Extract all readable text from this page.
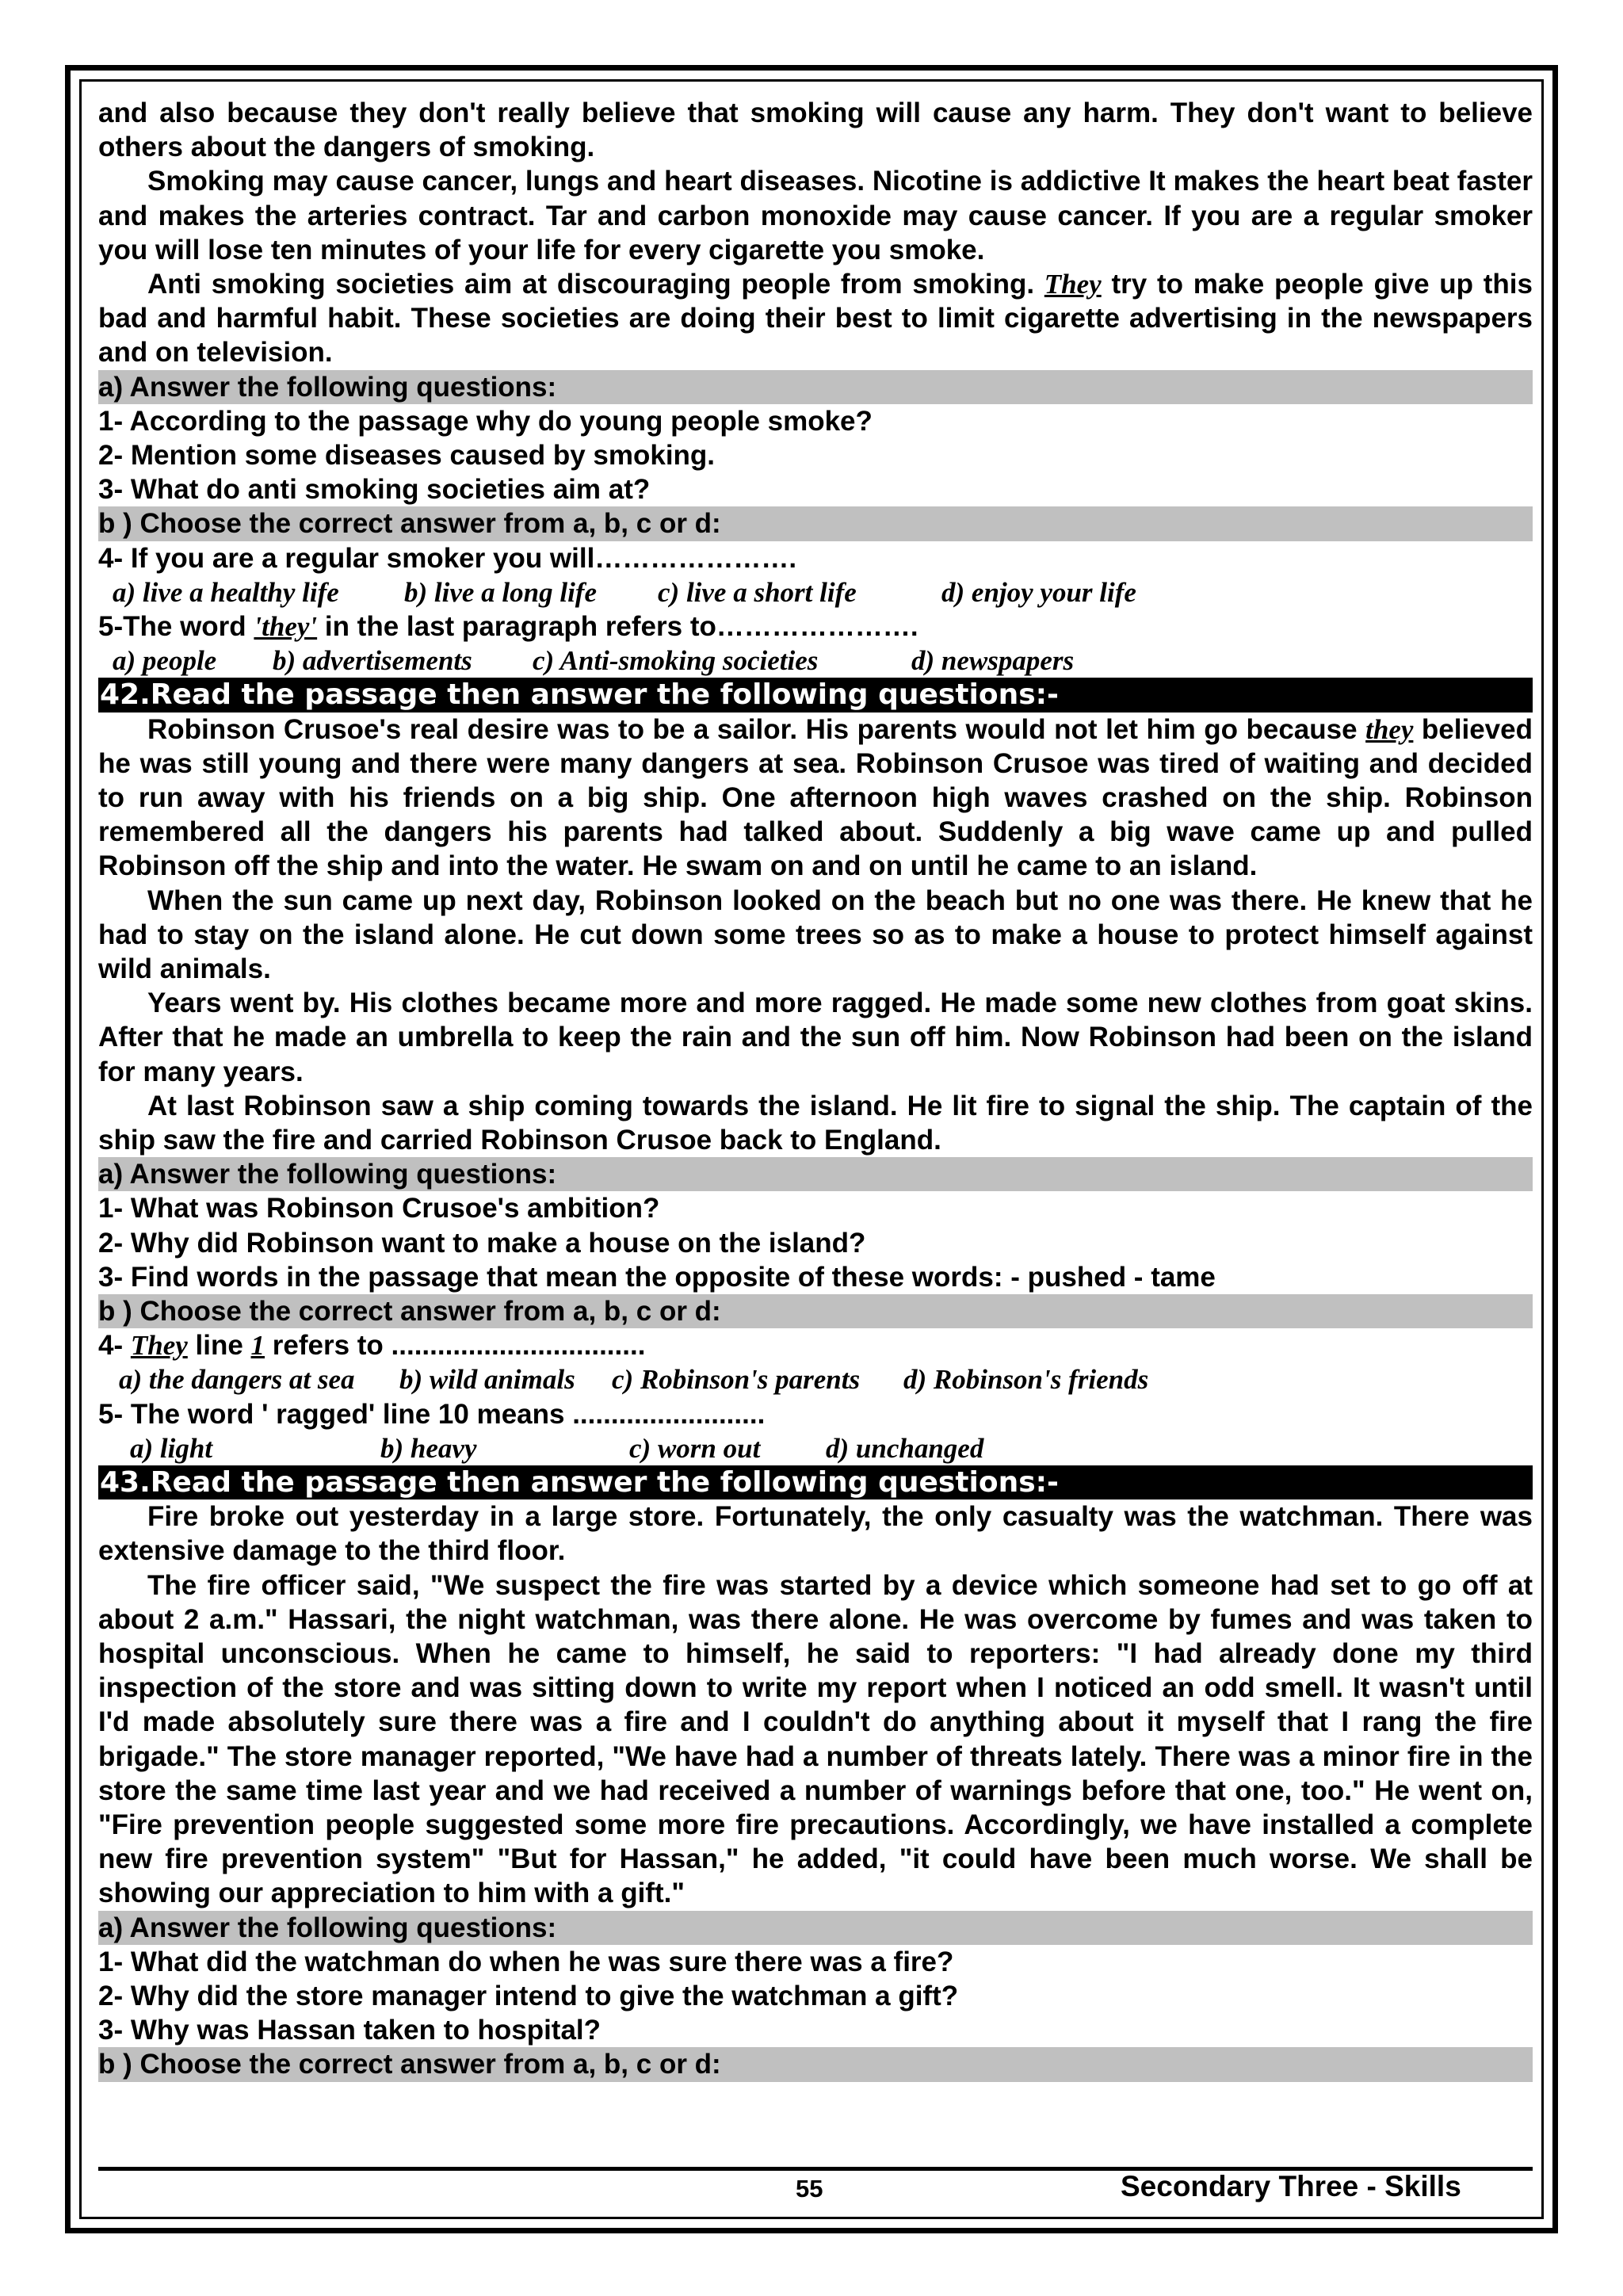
and also because they don't really believe that smoking will cause any harm. They don't want to believe others about the dangers of smoking.

Smoking may cause cancer, lungs and heart diseases. Nicotine is addictive It makes the heart beat faster and makes the arteries contract. Tar and carbon monoxide may cause cancer. If you are a regular smoker you will lose ten minutes of your life for every cigarette you smoke.

Anti smoking societies aim at discouraging people from smoking. They try to make people give up this bad and harmful habit. These societies are doing their best to limit cigarette advertising in the newspapers and on television.

a) Answer the following questions:

1- According to the passage why do young people smoke?

2- Mention some diseases caused by smoking.

3- What do anti smoking societies aim at?

b ) Choose the correct answer from a, b, c or d:

4- If you are a regular smoker you will………………….

a) live a healthy life b) live a long life c) live a short life	d) enjoy your life

5-The word 'they' in the last paragraph refers to………………….

a) people b) advertisements c) Anti-smoking societies	d) newspapers
42.Read the passage then answer the following questions:-

Robinson Crusoe's real desire was to be a sailor. His parents would not let him go because they believed he was still young and there were many dangers at sea. Robinson Crusoe was tired of waiting and decided to run away with his friends on a big ship. One afternoon high waves crashed on the ship. Robinson remembered all the dangers his parents had talked about. Suddenly a big wave came up and pulled Robinson off the ship and into the water. He swam on and on until he came to an island.

When the sun came up next day, Robinson looked on the beach but no one was there. He knew that he had to stay on the island alone. He cut down some trees so as to make a house to protect himself against wild animals.

Years went by. His clothes became more and more ragged. He made some new clothes from goat skins. After that he made an umbrella to keep the rain and the sun off him. Now Robinson had been on the island for many years.

At last Robinson saw a ship coming towards the island. He lit fire to signal the ship. The captain of the ship saw the fire and carried Robinson Crusoe back to England.

a) Answer the following questions:

1- What was Robinson Crusoe's ambition?

2- Why did Robinson want to make a house on the island?

3- Find words in the passage that mean the opposite of these words: - pushed - tame

b ) Choose the correct answer from a, b, c or d:

4- They line 1 refers to .................................

a) the dangers at sea b) wild animals c) Robinson's parents d) Robinson's friends

5- The word ' ragged' line 10 means .........................

a) light	b) heavy	c) worn out d) unchanged
43.Read the passage then answer the following questions:-

Fire broke out yesterday in a large store. Fortunately, the only casualty was the watchman. There was extensive damage to the third floor.

The fire officer said, "We suspect the fire was started by a device which someone had set to go off at about 2 a.m." Hassari, the night watchman, was there alone. He was overcome by fumes and was taken to hospital unconscious. When he came to himself, he said to reporters: "I had already done my third inspection of the store and was sitting down to write my report when I noticed an odd smell. It wasn't until I'd made absolutely sure there was a fire and I couldn't do anything about it myself that I rang the fire brigade." The store manager reported, "We have had a number of threats lately. There was a minor fire in the store the same time last year and we had received a number of warnings before that one, too." He went on, "Fire prevention people suggested some more fire precautions. Accordingly, we have installed a complete new fire prevention system" "But for Hassan," he added, "it could have been much worse. We shall be showing our appreciation to him with a gift."

a) Answer the following questions:

1- What did the watchman do when he was sure there was a fire?

2- Why did the store manager intend to give the watchman a gift?

3- Why was Hassan taken to hospital?

b ) Choose the correct answer from a, b, c or d:
55	Secondary Three - Skills
